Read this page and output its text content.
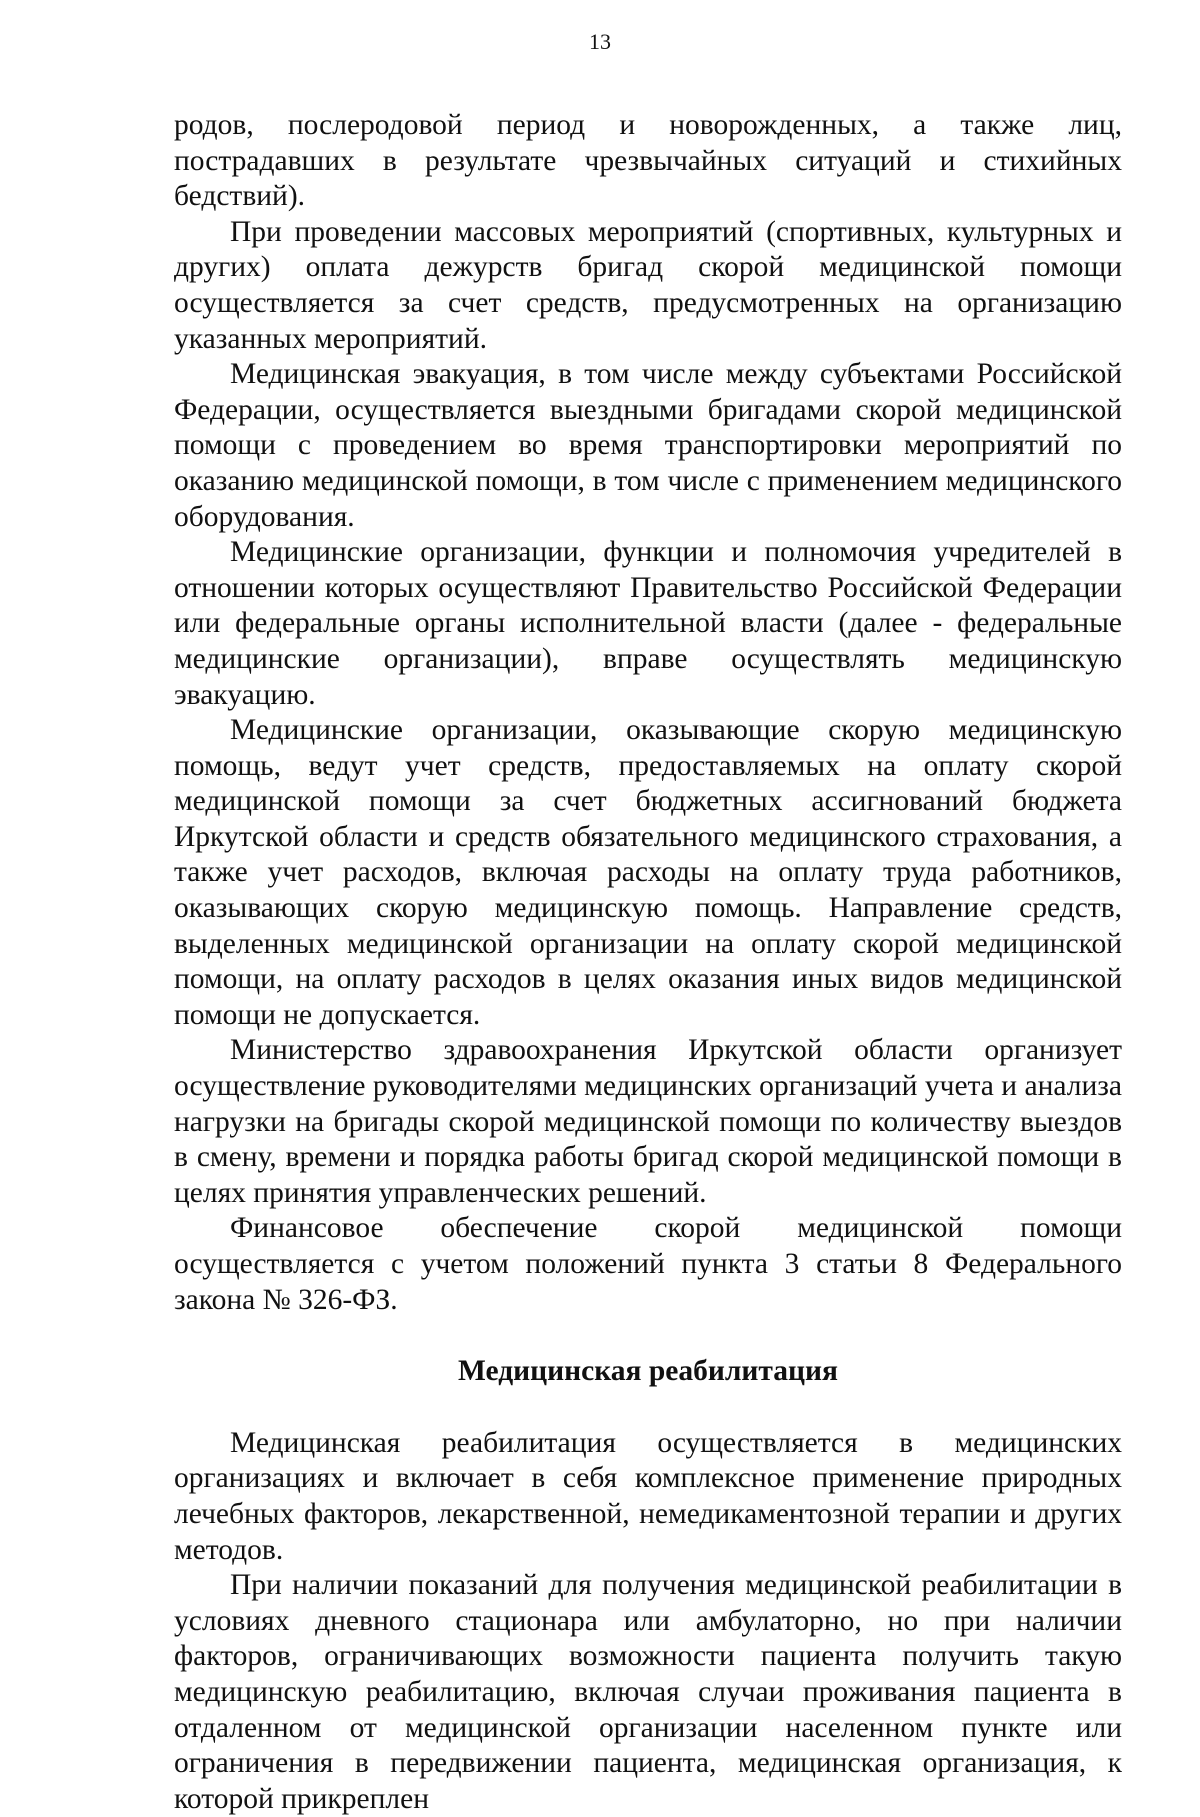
13

родов, послеродовой период и новорожденных, а также лиц, пострадавших в результате чрезвычайных ситуаций и стихийных бедствий).

При проведении массовых мероприятий (спортивных, культурных и других) оплата дежурств бригад скорой медицинской помощи осуществляется за счет средств, предусмотренных на организацию указанных мероприятий.

Медицинская эвакуация, в том числе между субъектами Российской Федерации, осуществляется выездными бригадами скорой медицинской помощи с проведением во время транспортировки мероприятий по оказанию медицинской помощи, в том числе с применением медицинского оборудования.

Медицинские организации, функции и полномочия учредителей в отношении которых осуществляют Правительство Российской Федерации или федеральные органы исполнительной власти (далее - федеральные медицинские организации), вправе осуществлять медицинскую эвакуацию.

Медицинские организации, оказывающие скорую медицинскую помощь, ведут учет средств, предоставляемых на оплату скорой медицинской помощи за счет бюджетных ассигнований бюджета Иркутской области и средств обязательного медицинского страхования, а также учет расходов, включая расходы на оплату труда работников, оказывающих скорую медицинскую помощь. Направление средств, выделенных медицинской организации на оплату скорой медицинской помощи, на оплату расходов в целях оказания иных видов медицинской помощи не допускается.

Министерство здравоохранения Иркутской области организует осуществление руководителями медицинских организаций учета и анализа нагрузки на бригады скорой медицинской помощи по количеству выездов в смену, времени и порядка работы бригад скорой медицинской помощи в целях принятия управленческих решений.

Финансовое обеспечение скорой медицинской помощи осуществляется с учетом положений пункта 3 статьи 8 Федерального закона № 326-ФЗ.

Медицинская реабилитация

Медицинская реабилитация осуществляется в медицинских организациях и включает в себя комплексное применение природных лечебных факторов, лекарственной, немедикаментозной терапии и других методов.

При наличии показаний для получения медицинской реабилитации в условиях дневного стационара или амбулаторно, но при наличии факторов, ограничивающих возможности пациента получить такую медицинскую реабилитацию, включая случаи проживания пациента в отдаленном от медицинской организации населенном пункте или ограничения в передвижении пациента, медицинская организация, к которой прикреплен
